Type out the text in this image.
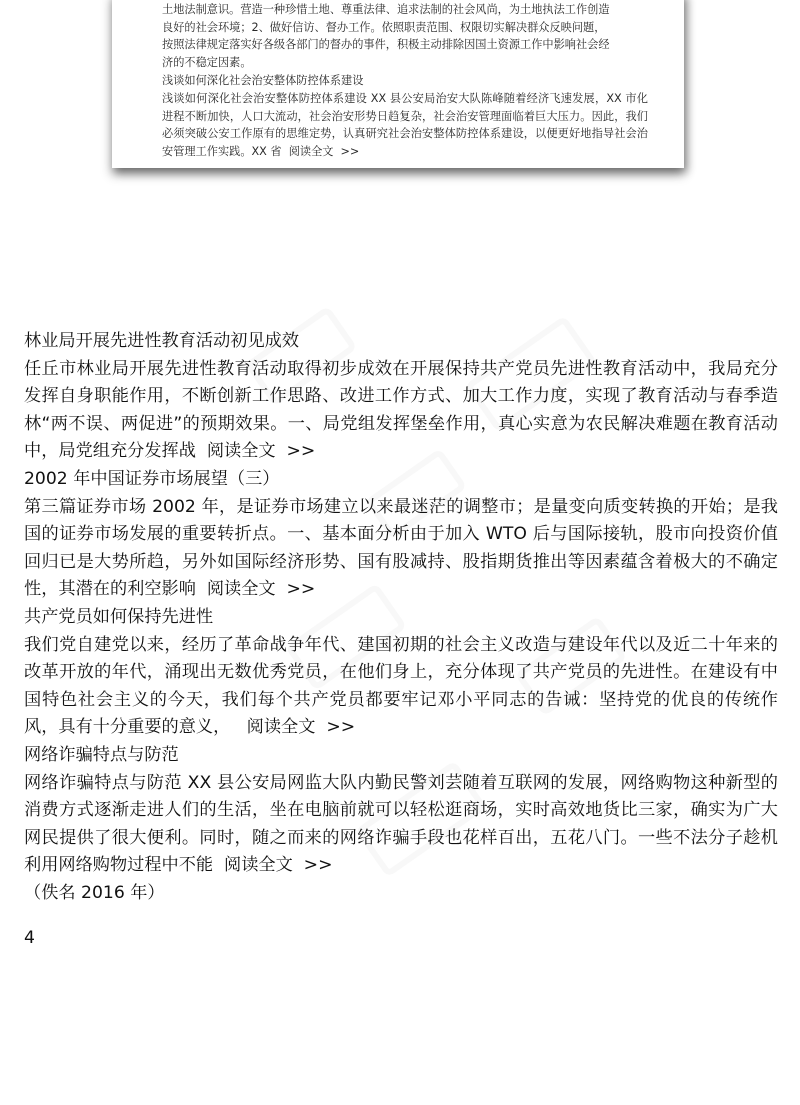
土地法制意识。营造一种珍惜土地、尊重法律、追求法制的社会风尚，为土地执法工作创造

良好的社会环境；2、做好信访、督办工作。依照职责范围、权限切实解决群众反映问题，

按照法律规定落实好各级各部门的督办的事件，积极主动排除因国土资源工作中影响社会经

济的不稳定因素。

浅谈如何深化社会治安整体防控体系建设

浅谈如何深化社会治安整体防控体系建设 XX 县公安局治安大队陈峰随着经济飞速发展，XX 市化进程不断加快，人口大流动，社会治安形势日趋复杂，社会治安管理面临着巨大压力。因此，我们必须突破公安工作原有的思维定势，认真研究社会治安整体防控体系建设，以便更好地指导社会治安管理工作实践。XX 省  阅读全文  >>

林业局开展先进性教育活动初见成效

任丘市林业局开展先进性教育活动取得初步成效在开展保持共产党员先进性教育活动中，我局充分发挥自身职能作用，不断创新工作思路、改进工作方式、加大工作力度，实现了教育活动与春季造林“两不误、两促进”的预期效果。一、局党组发挥堡垒作用，真心实意为农民解决难题在教育活动中，局党组充分发挥战  阅读全文  >>

2002 年中国证券市场展望（三）

第三篇证券市场 2002 年，是证券市场建立以来最迷茫的调整市；是量变向质变转换的开始；是我国的证券市场发展的重要转折点。一、基本面分析由于加入 WTO 后与国际接轨，股市向投资价值回归已是大势所趋，另外如国际经济形势、国有股减持、股指期货推出等因素蕴含着极大的不确定性，其潜在的利空影响  阅读全文  >>

共产党员如何保持先进性

我们党自建党以来，经历了革命战争年代、建国初期的社会主义改造与建设年代以及近二十年来的改革开放的年代，涌现出无数优秀党员，在他们身上，充分体现了共产党员的先进性。在建设有中国特色社会主义的今天，我们每个共产党员都要牢记邓小平同志的告诫：坚持党的优良的传统作风，具有十分重要的意义，   阅读全文  >>

网络诈骗特点与防范

网络诈骗特点与防范 XX 县公安局网监大队内勤民警刘芸随着互联网的发展，网络购物这种新型的消费方式逐渐走进人们的生活，坐在电脑前就可以轻松逛商场，实时高效地货比三家，确实为广大网民提供了很大便利。同时，随之而来的网络诈骗手段也花样百出，五花八门。一些不法分子趁机利用网络购物过程中不能  阅读全文  >>

（佚名 2016 年）

4
